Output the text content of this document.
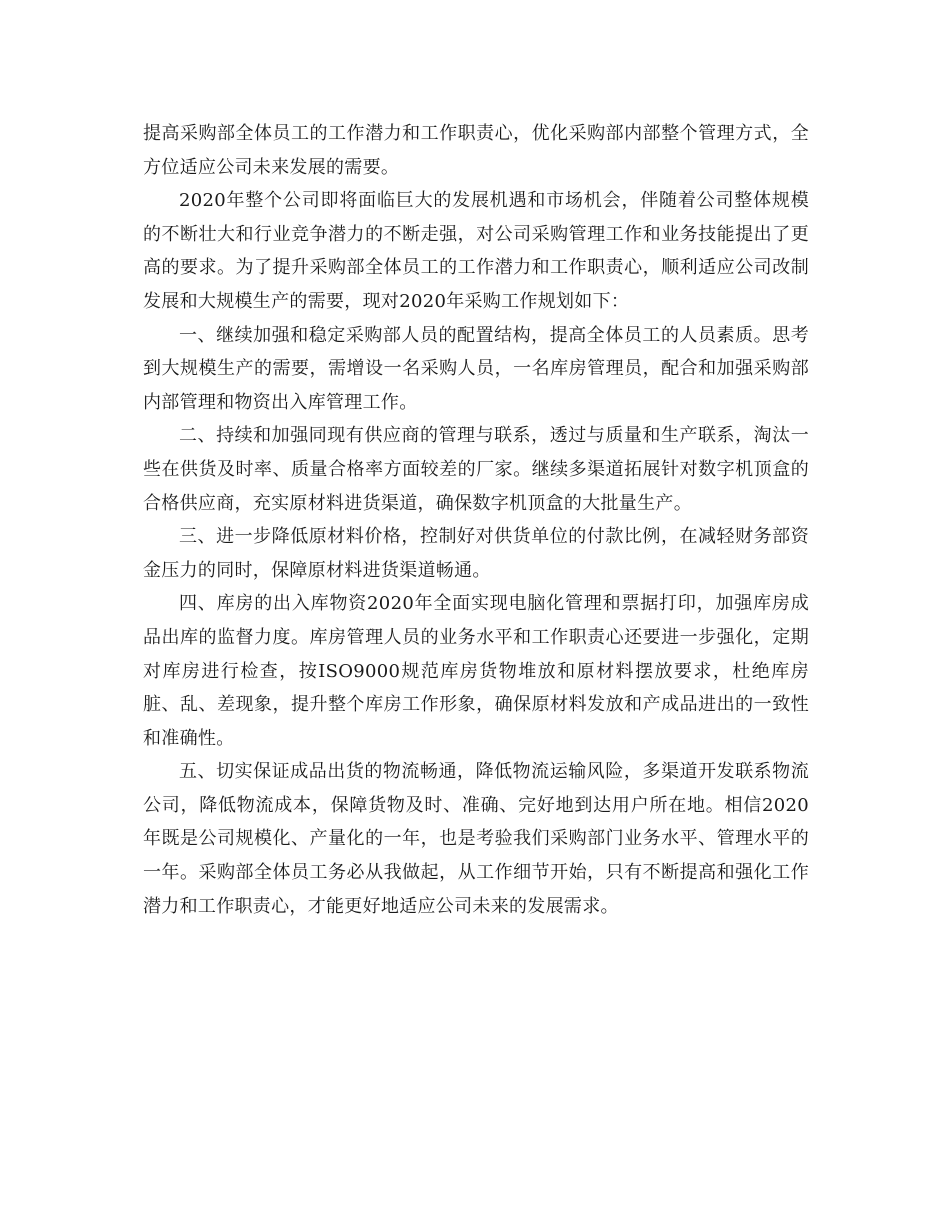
提高采购部全体员工的工作潜力和工作职责心，优化采购部内部整个管理方式，全方位适应公司未来发展的需要。

2020年整个公司即将面临巨大的发展机遇和市场机会，伴随着公司整体规模的不断壮大和行业竞争潜力的不断走强，对公司采购管理工作和业务技能提出了更高的要求。为了提升采购部全体员工的工作潜力和工作职责心，顺利适应公司改制发展和大规模生产的需要，现对2020年采购工作规划如下：

一、继续加强和稳定采购部人员的配置结构，提高全体员工的人员素质。思考到大规模生产的需要，需增设一名采购人员，一名库房管理员，配合和加强采购部内部管理和物资出入库管理工作。

二、持续和加强同现有供应商的管理与联系，透过与质量和生产联系，淘汰一些在供货及时率、质量合格率方面较差的厂家。继续多渠道拓展针对数字机顶盒的合格供应商，充实原材料进货渠道，确保数字机顶盒的大批量生产。

三、进一步降低原材料价格，控制好对供货单位的付款比例，在减轻财务部资金压力的同时，保障原材料进货渠道畅通。

四、库房的出入库物资2020年全面实现电脑化管理和票据打印，加强库房成品出库的监督力度。库房管理人员的业务水平和工作职责心还要进一步强化，定期对库房进行检查，按ISO9000规范库房货物堆放和原材料摆放要求，杜绝库房脏、乱、差现象，提升整个库房工作形象，确保原材料发放和产成品进出的一致性和准确性。

五、切实保证成品出货的物流畅通，降低物流运输风险，多渠道开发联系物流公司，降低物流成本，保障货物及时、准确、完好地到达用户所在地。相信2020年既是公司规模化、产量化的一年，也是考验我们采购部门业务水平、管理水平的一年。采购部全体员工务必从我做起，从工作细节开始，只有不断提高和强化工作潜力和工作职责心，才能更好地适应公司未来的发展需求。
